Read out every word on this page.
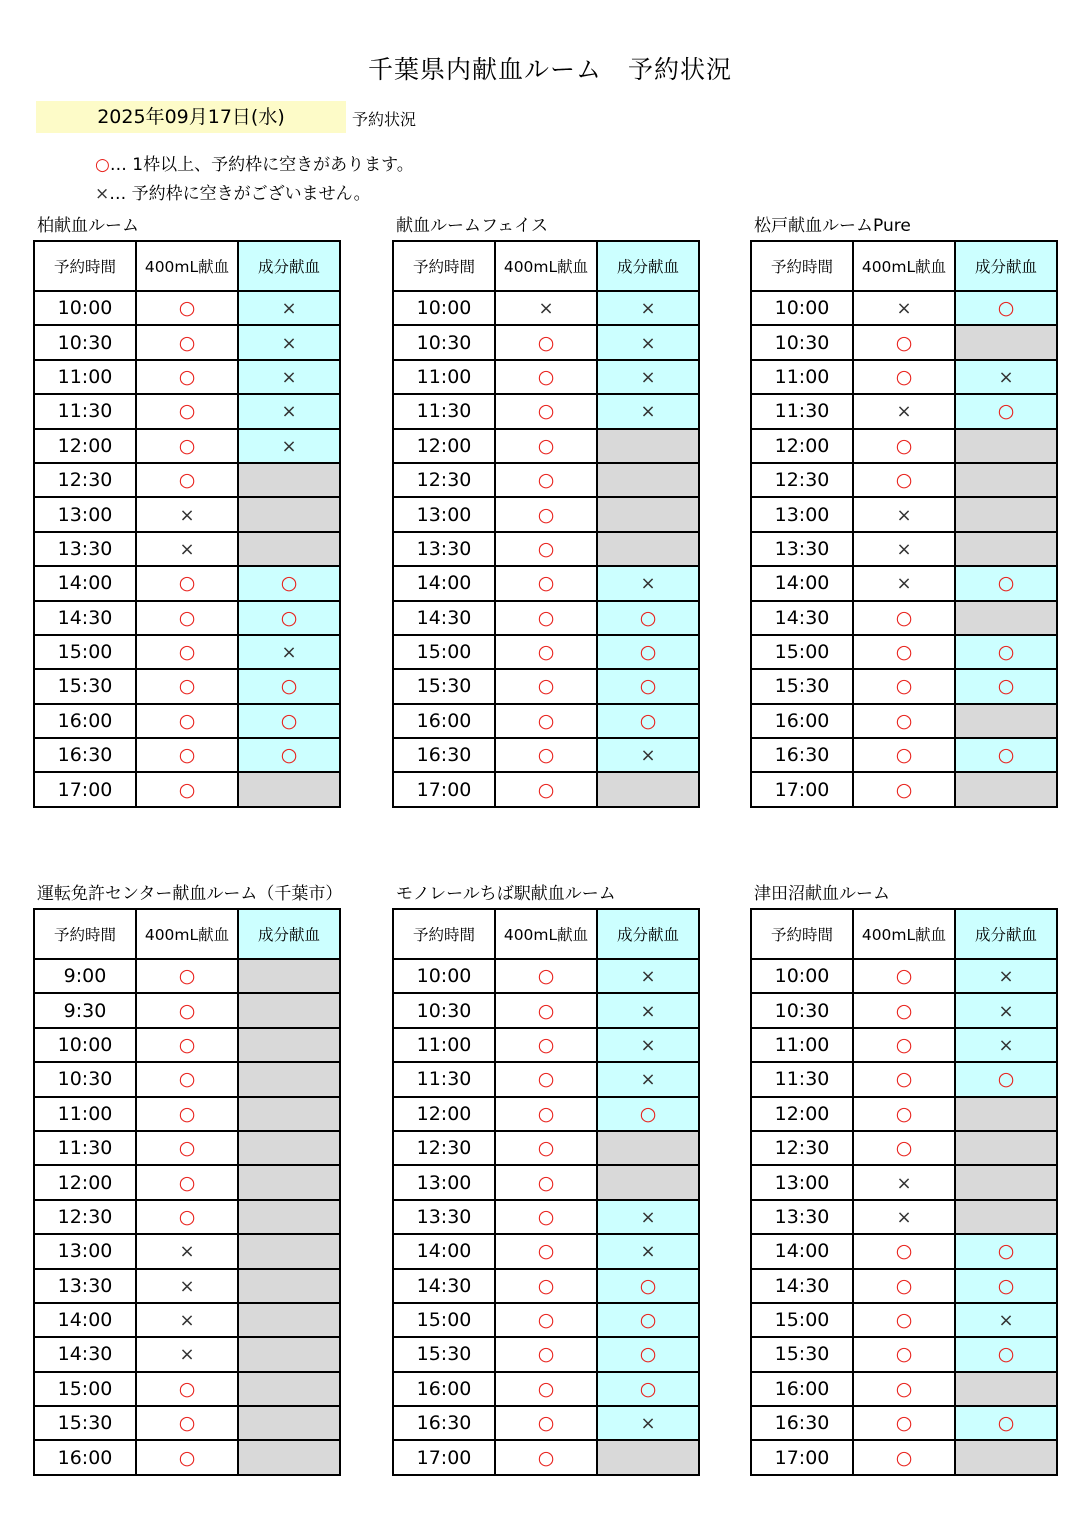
千葉県内献血ルーム　予約状況
2025年09月17日(水)	予約状況
○… 1枠以上、予約枠に空きがあります。
×… 予約枠に空きがございません。
柏献血ルーム
予約時間	400mL献血	成分献血
10:00	○	×
10:30	○	×
11:00	○	×
11:30	○	×
12:00	○	×
12:30	○	
13:00	×	
13:30	×	
14:00	○	○
14:30	○	○
15:00	○	×
15:30	○	○
16:00	○	○
16:30	○	○
17:00	○	
献血ルームフェイス
予約時間	400mL献血	成分献血
10:00	×	×
10:30	○	×
11:00	○	×
11:30	○	×
12:00	○	
12:30	○	
13:00	○	
13:30	○	
14:00	○	×
14:30	○	○
15:00	○	○
15:30	○	○
16:00	○	○
16:30	○	×
17:00	○	
松戸献血ルームPure
予約時間	400mL献血	成分献血
10:00	×	○
10:30	○	
11:00	○	×
11:30	×	○
12:00	○	
12:30	○	
13:00	×	
13:30	×	
14:00	×	○
14:30	○	
15:00	○	○
15:30	○	○
16:00	○	
16:30	○	○
17:00	○	
運転免許センター献血ルーム（千葉市）
予約時間	400mL献血	成分献血
9:00	○	
9:30	○	
10:00	○	
10:30	○	
11:00	○	
11:30	○	
12:00	○	
12:30	○	
13:00	×	
13:30	×	
14:00	×	
14:30	×	
15:00	○	
15:30	○	
16:00	○	
モノレールちば駅献血ルーム
予約時間	400mL献血	成分献血
10:00	○	×
10:30	○	×
11:00	○	×
11:30	○	×
12:00	○	○
12:30	○	
13:00	○	
13:30	○	×
14:00	○	×
14:30	○	○
15:00	○	○
15:30	○	○
16:00	○	○
16:30	○	×
17:00	○	
津田沼献血ルーム
予約時間	400mL献血	成分献血
10:00	○	×
10:30	○	×
11:00	○	×
11:30	○	○
12:00	○	
12:30	○	
13:00	×	
13:30	×	
14:00	○	○
14:30	○	○
15:00	○	×
15:30	○	○
16:00	○	
16:30	○	○
17:00	○	
